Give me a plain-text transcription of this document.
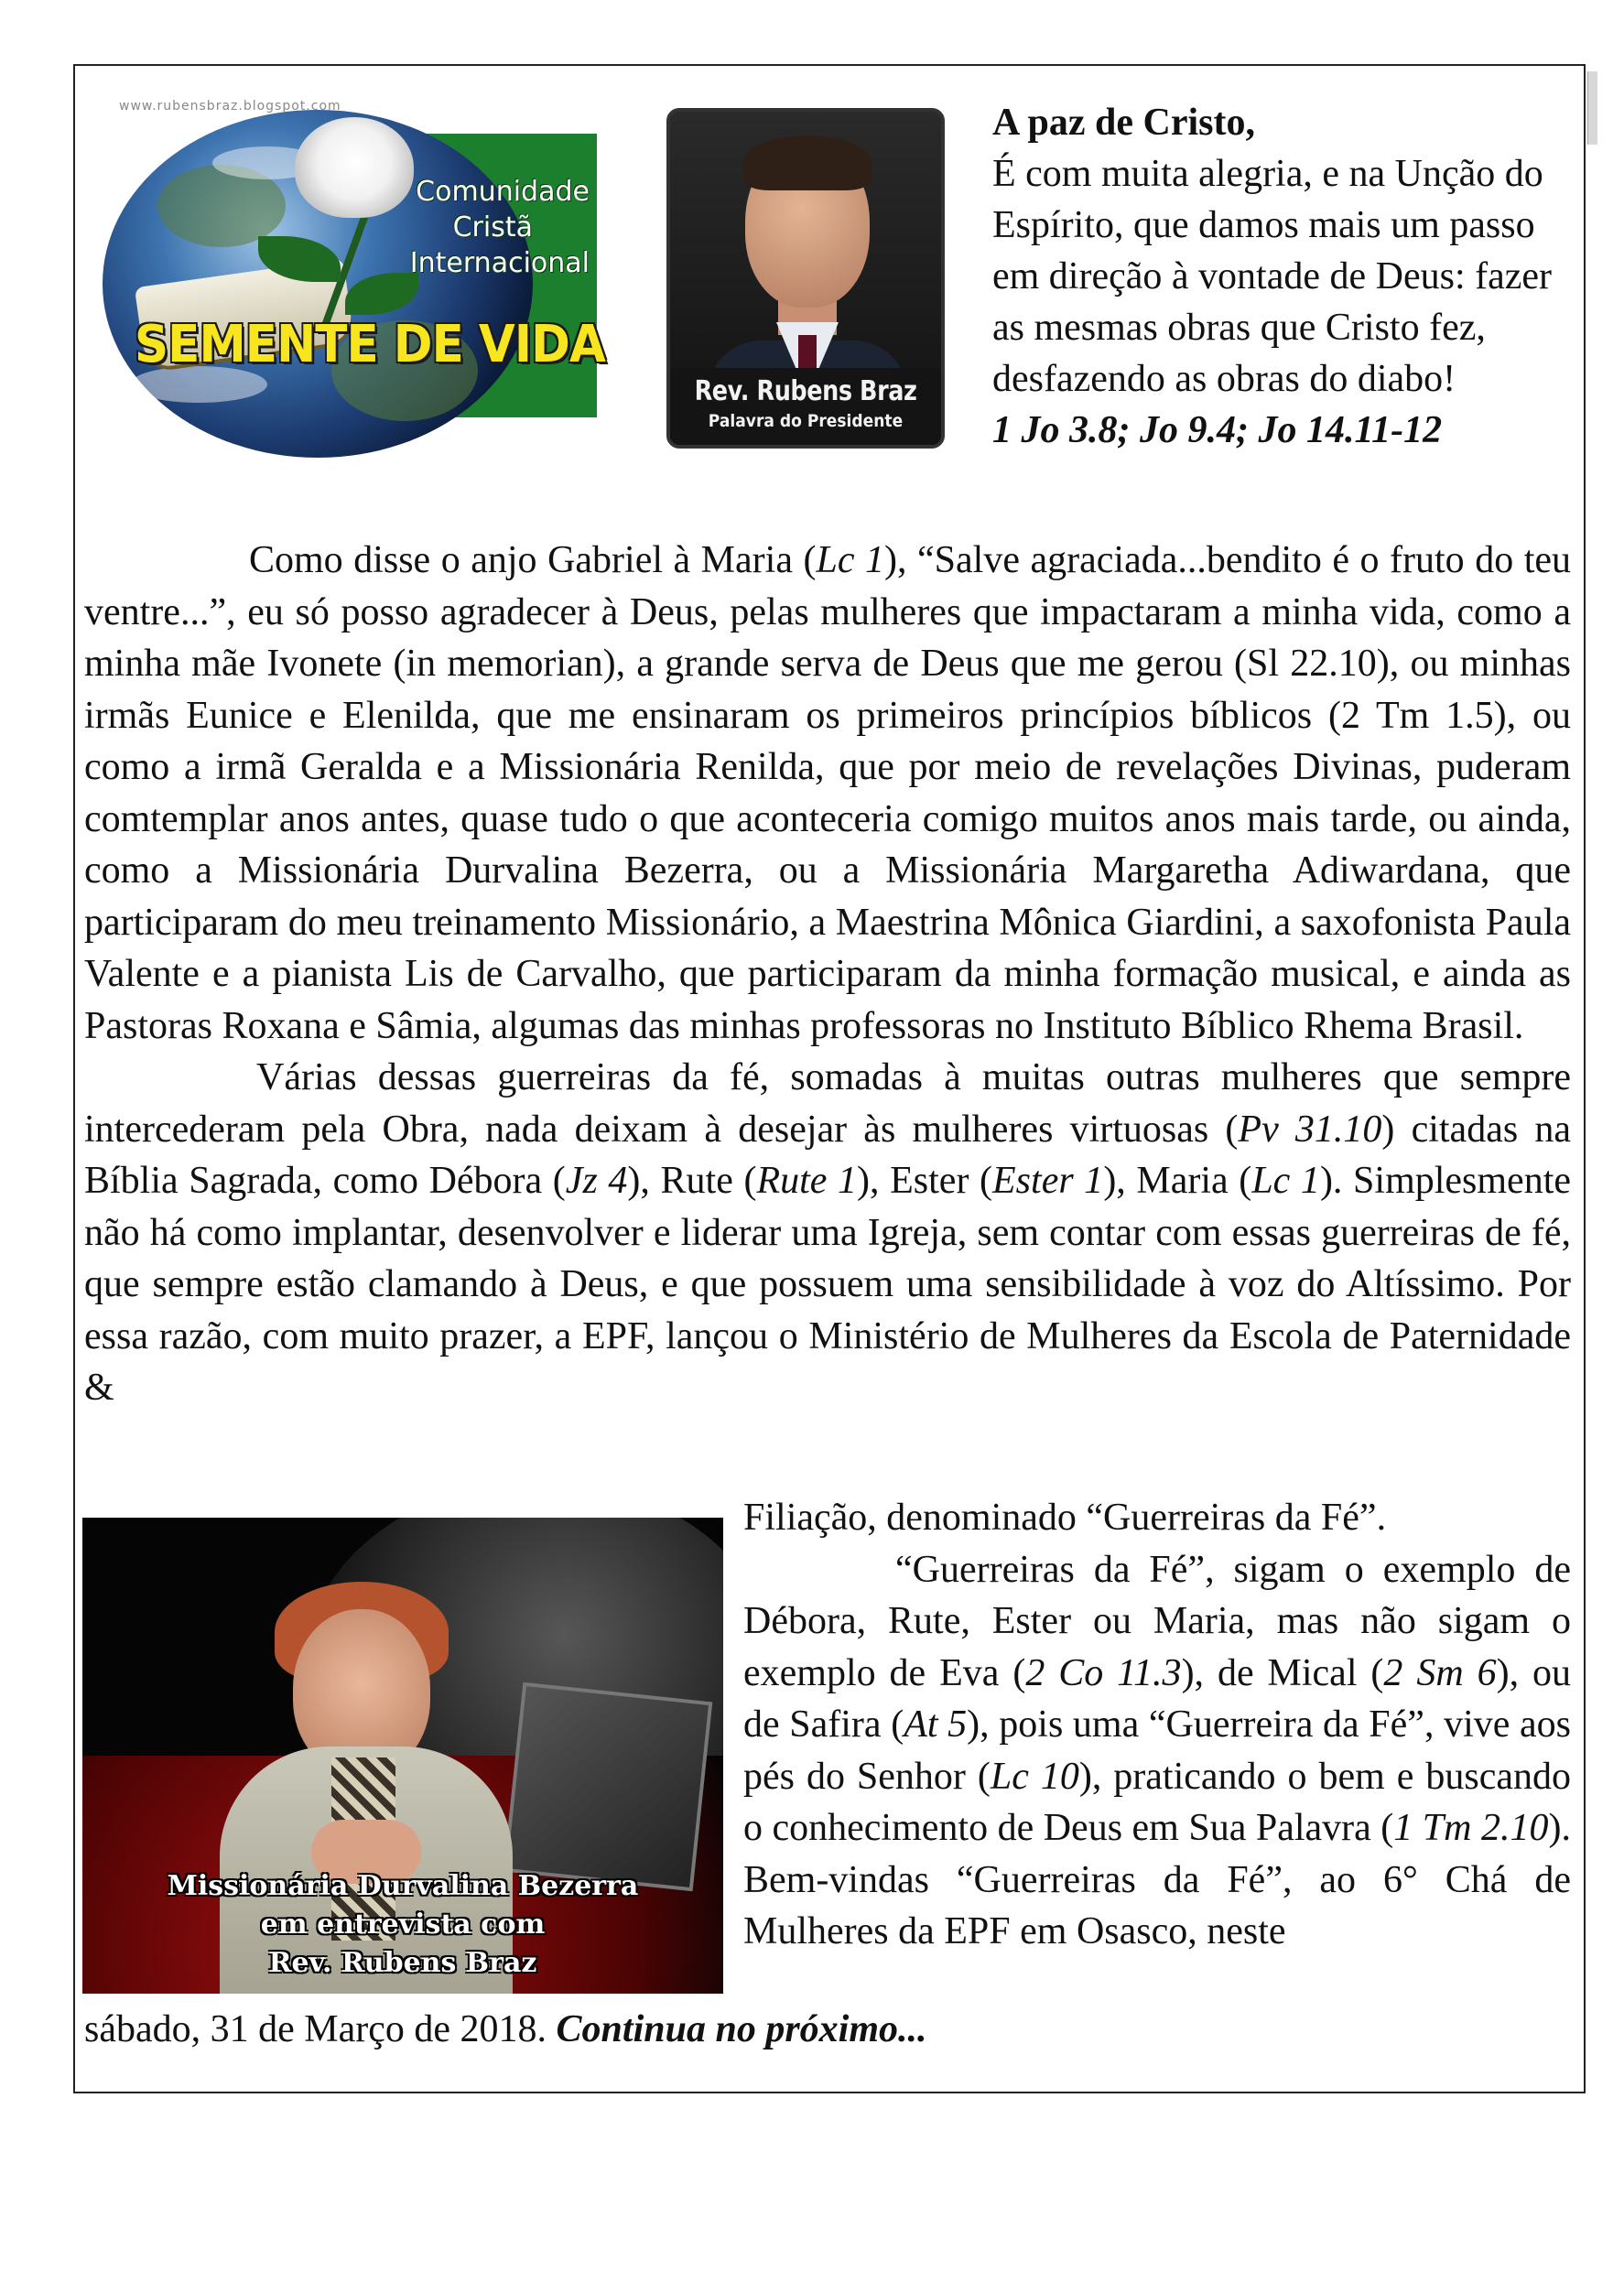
www.rubensbraz.blogspot.com
Comunidade
Cristã
Internacional
SEMENTE DE VIDA
Rev. Rubens Braz
Palavra do Presidente
A paz de Cristo,
É com muita alegria, e na Unção do Espírito, que damos mais um passo em direção à vontade de Deus: fazer as mesmas obras que Cristo fez, desfazendo as obras do diabo!
1 Jo 3.8; Jo 9.4; Jo 14.11-12

Como disse o anjo Gabriel à Maria (Lc 1), “Salve agraciada...bendito é o fruto do teu ventre...”, eu só posso agradecer à Deus, pelas mulheres que impactaram a minha vida, como a minha mãe Ivonete (in memorian), a grande serva de Deus que me gerou (Sl 22.10), ou minhas irmãs Eunice e Elenilda, que me ensinaram os primeiros princípios bíblicos (2 Tm 1.5), ou como a irmã Geralda e a Missionária Renilda, que por meio de revelações Divinas, puderam comtemplar anos antes, quase tudo o que aconteceria comigo muitos anos mais tarde, ou ainda, como a Missionária Durvalina Bezerra, ou a Missionária Margaretha Adiwardana, que participaram do meu treinamento Missionário, a Maestrina Mônica Giardini, a saxofonista Paula Valente e a pianista Lis de Carvalho, que participaram da minha formação musical, e ainda as Pastoras Roxana e Sâmia, algumas das minhas professoras no Instituto Bíblico Rhema Brasil.

Várias dessas guerreiras da fé, somadas à muitas outras mulheres que sempre intercederam pela Obra, nada deixam à desejar às mulheres virtuosas (Pv 31.10) citadas na Bíblia Sagrada, como Débora (Jz 4), Rute (Rute 1), Ester (Ester 1), Maria (Lc 1). Simplesmente não há como implantar, desenvolver e liderar uma Igreja, sem contar com essas guerreiras de fé, que sempre estão clamando à Deus, e que possuem uma sensibilidade à voz do Altíssimo. Por essa razão, com muito prazer, a EPF, lançou o Ministério de Mulheres da Escola de Paternidade &

Missionária Durvalina Bezerra
em entrevista com
Rev. Rubens Braz

Filiação, denominado “Guerreiras da Fé”.

“Guerreiras da Fé”, sigam o exemplo de Débora, Rute, Ester ou Maria, mas não sigam o exemplo de Eva (2 Co 11.3), de Mical (2 Sm 6), ou de Safira (At 5), pois uma “Guerreira da Fé”, vive aos pés do Senhor (Lc 10), praticando o bem e buscando o conhecimento de Deus em Sua Palavra (1 Tm 2.10). Bem-vindas “Guerreiras da Fé”, ao 6° Chá de Mulheres da EPF em Osasco, neste

sábado, 31 de Março de 2018. Continua no próximo...
